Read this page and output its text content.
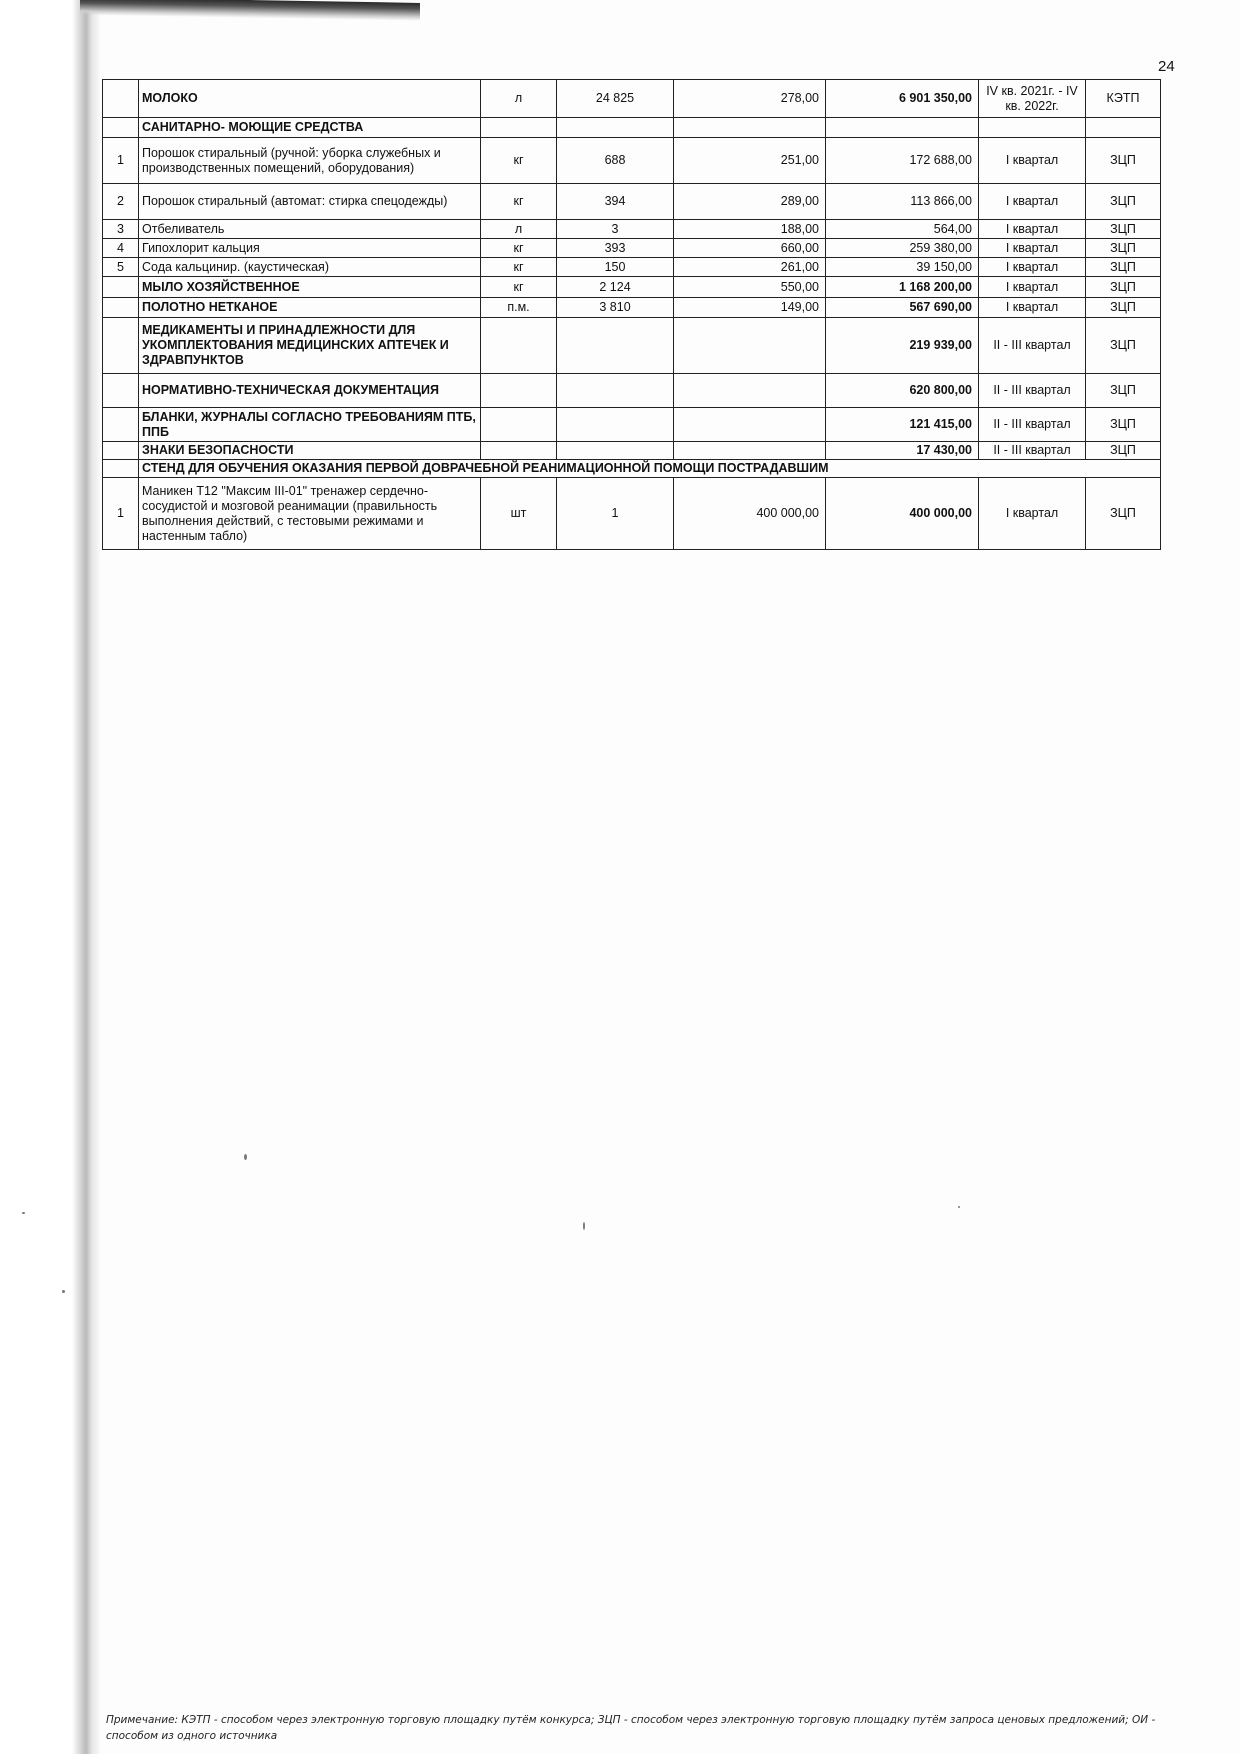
24
	МОЛОКО	л	24 825	278,00	6 901 350,00	IV кв. 2021г. - IV кв. 2022г.	КЭТП
	САНИТАРНО- МОЮЩИЕ СРЕДСТВА						
1	Порошок стиральный (ручной: уборка служебных и производственных помещений, оборудования)	кг	688	251,00	172 688,00	I квартал	ЗЦП
2	Порошок стиральный (автомат: стирка спецодежды)	кг	394	289,00	113 866,00	I квартал	ЗЦП
3	Отбеливатель	л	3	188,00	564,00	I квартал	ЗЦП
4	Гипохлорит кальция	кг	393	660,00	259 380,00	I квартал	ЗЦП
5	Сода кальцинир. (каустическая)	кг	150	261,00	39 150,00	I квартал	ЗЦП
	МЫЛО ХОЗЯЙСТВЕННОЕ	кг	2 124	550,00	1 168 200,00	I квартал	ЗЦП
	ПОЛОТНО НЕТКАНОЕ	п.м.	3 810	149,00	567 690,00	I квартал	ЗЦП
	МЕДИКАМЕНТЫ И ПРИНАДЛЕЖНОСТИ ДЛЯ УКОМПЛЕКТОВАНИЯ МЕДИЦИНСКИХ АПТЕЧЕК И ЗДРАВПУНКТОВ				219 939,00	II - III квартал	ЗЦП
	НОРМАТИВНО-ТЕХНИЧЕСКАЯ ДОКУМЕНТАЦИЯ				620 800,00	II - III квартал	ЗЦП
	БЛАНКИ, ЖУРНАЛЫ СОГЛАСНО ТРЕБОВАНИЯМ ПТБ, ППБ				121 415,00	II - III квартал	ЗЦП
	ЗНАКИ БЕЗОПАСНОСТИ				17 430,00	II - III квартал	ЗЦП
	СТЕНД ДЛЯ ОБУЧЕНИЯ ОКАЗАНИЯ ПЕРВОЙ ДОВРАЧЕБНОЙ РЕАНИМАЦИОННОЙ ПОМОЩИ ПОСТРАДАВШИМ						
1	Маникен Т12 "Максим III-01" тренажер сердечно-сосудистой и мозговой реанимации (правильность выполнения действий, с тестовыми режимами и настенным табло)	шт	1	400 000,00	400 000,00	I квартал	ЗЦП
Примечание: КЭТП - способом через электронную торговую площадку путём конкурса; ЗЦП - способом через электронную торговую площадку путём запроса ценовых предложений; ОИ - способом из одного источника
